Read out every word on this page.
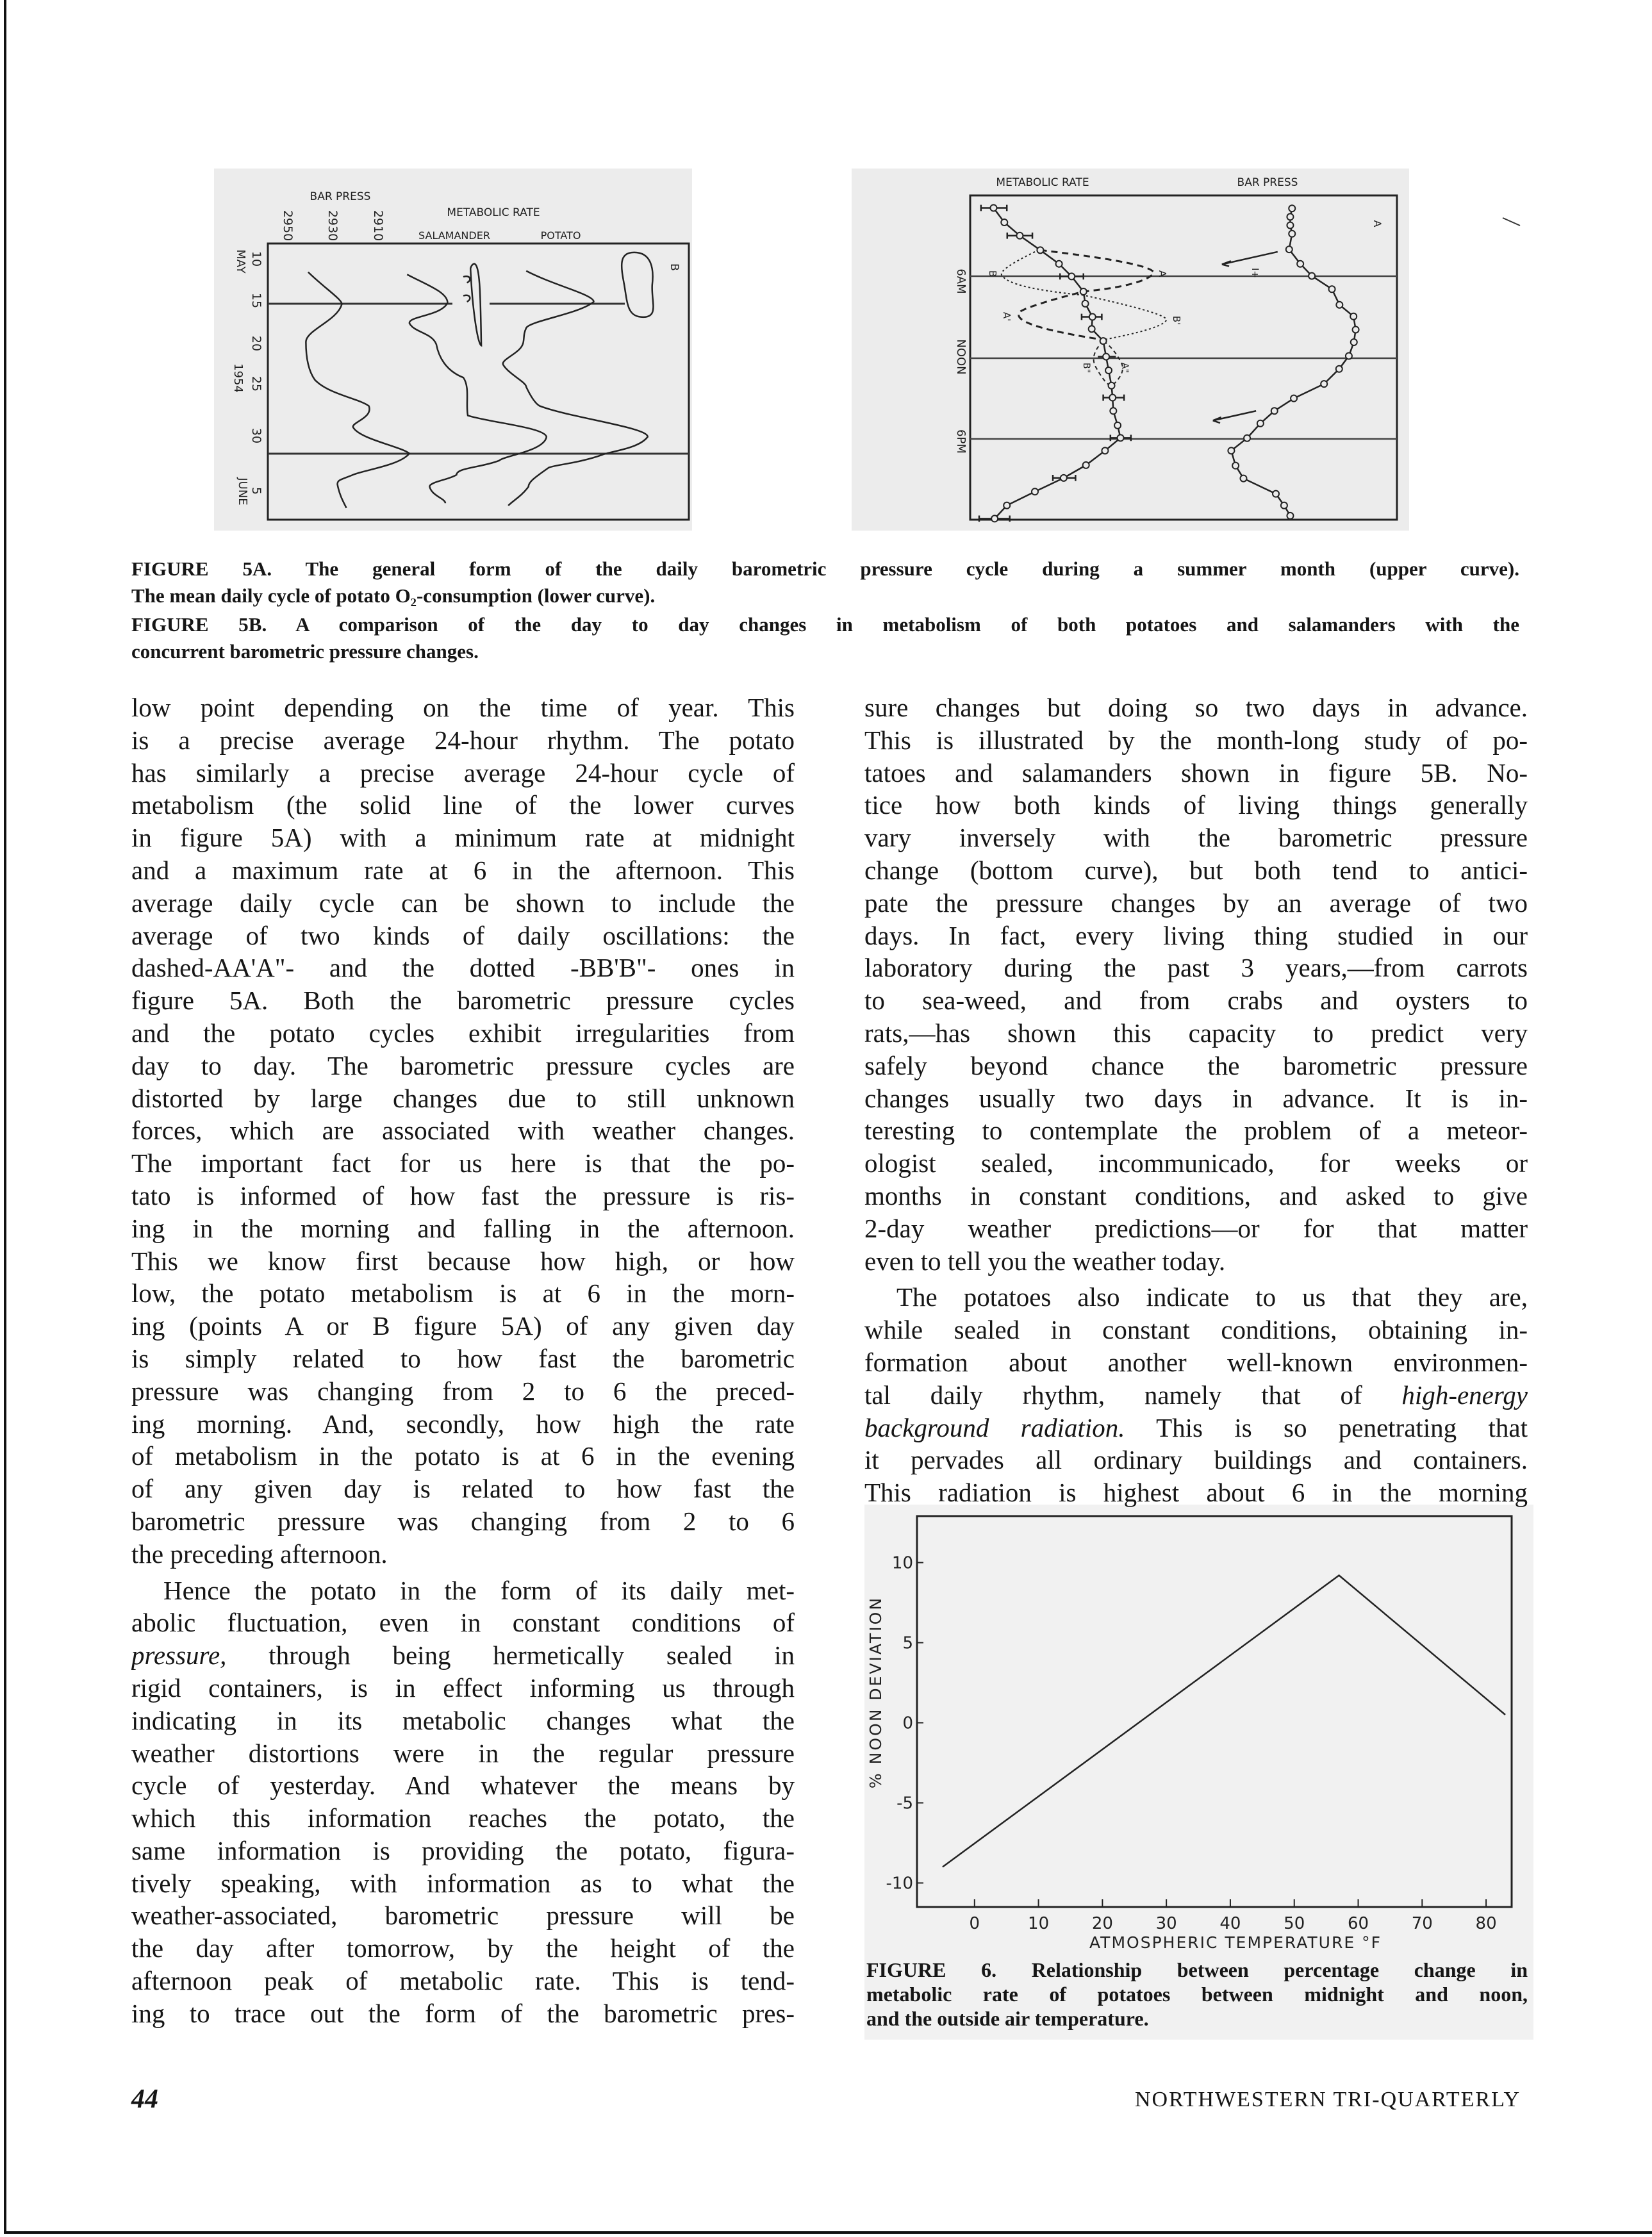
BAR PRESS
2950	2930	2910	METABOLIC RATE
SALAMANDER	POTATO
10
15
20
25
30
5
MAY
1954
JUNE
B
METABOLIC RATE	BAR PRESS
6AM
NOON
6PM
A
B	A
A'	B'
B"	A"
I+
0	10	20	30	40	50	60	70	80
10
5
0
-5
-10
% NOON DEVIATION
ATMOSPHERIC TEMPERATURE °F
FIGURE 5A. The general form of the daily barometric pressure cycle during a summer month (upper curve).
The mean daily cycle of potato O₂-consumption (lower curve).
FIGURE 5B. A comparison of the day to day changes in metabolism of both potatoes and salamanders with the
concurrent barometric pressure changes.
low point depending on the time of year. This
is a precise average 24-hour rhythm. The potato
has similarly a precise average 24-hour cycle of
metabolism (the solid line of the lower curves
in figure 5A) with a minimum rate at midnight
and a maximum rate at 6 in the afternoon. This
average daily cycle can be shown to include the
average of two kinds of daily oscillations: the
dashed-AA'A"- and the dotted -BB'B"- ones in
figure 5A. Both the barometric pressure cycles
and the potato cycles exhibit irregularities from
day to day. The barometric pressure cycles are
distorted by large changes due to still unknown
forces, which are associated with weather changes.
The important fact for us here is that the po-
tato is informed of how fast the pressure is ris-
ing in the morning and falling in the afternoon.
This we know first because how high, or how
low, the potato metabolism is at 6 in the morn-
ing (points A or B figure 5A) of any given day
is simply related to how fast the barometric
pressure was changing from 2 to 6 the preced-
ing morning. And, secondly, how high the rate
of metabolism in the potato is at 6 in the evening
of any given day is related to how fast the
barometric pressure was changing from 2 to 6
the preceding afternoon.
Hence the potato in the form of its daily met-
abolic fluctuation, even in constant conditions of
pressure, through being hermetically sealed in
rigid containers, is in effect informing us through
indicating in its metabolic changes what the
weather distortions were in the regular pressure
cycle of yesterday. And whatever the means by
which this information reaches the potato, the
same information is providing the potato, figura-
tively speaking, with information as to what the
weather-associated, barometric pressure will be
the day after tomorrow, by the height of the
afternoon peak of metabolic rate. This is tend-
ing to trace out the form of the barometric pres-
sure changes but doing so two days in advance.
This is illustrated by the month-long study of po-
tatoes and salamanders shown in figure 5B. No-
tice how both kinds of living things generally
vary inversely with the barometric pressure
change (bottom curve), but both tend to antici-
pate the pressure changes by an average of two
days. In fact, every living thing studied in our
laboratory during the past 3 years,—from carrots
to sea-weed, and from crabs and oysters to
rats,—has shown this capacity to predict very
safely beyond chance the barometric pressure
changes usually two days in advance. It is in-
teresting to contemplate the problem of a meteor-
ologist sealed, incommunicado, for weeks or
months in constant conditions, and asked to give
2-day weather predictions—or for that matter
even to tell you the weather today.
The potatoes also indicate to us that they are,
while sealed in constant conditions, obtaining in-
formation about another well-known environmen-
tal daily rhythm, namely that of high-energy
background radiation. This is so penetrating that
it pervades all ordinary buildings and containers.
This radiation is highest about 6 in the morning
FIGURE 6. Relationship between percentage change in
metabolic rate of potatoes between midnight and noon,
and the outside air temperature.
44	NORTHWESTERN TRI-QUARTERLY
